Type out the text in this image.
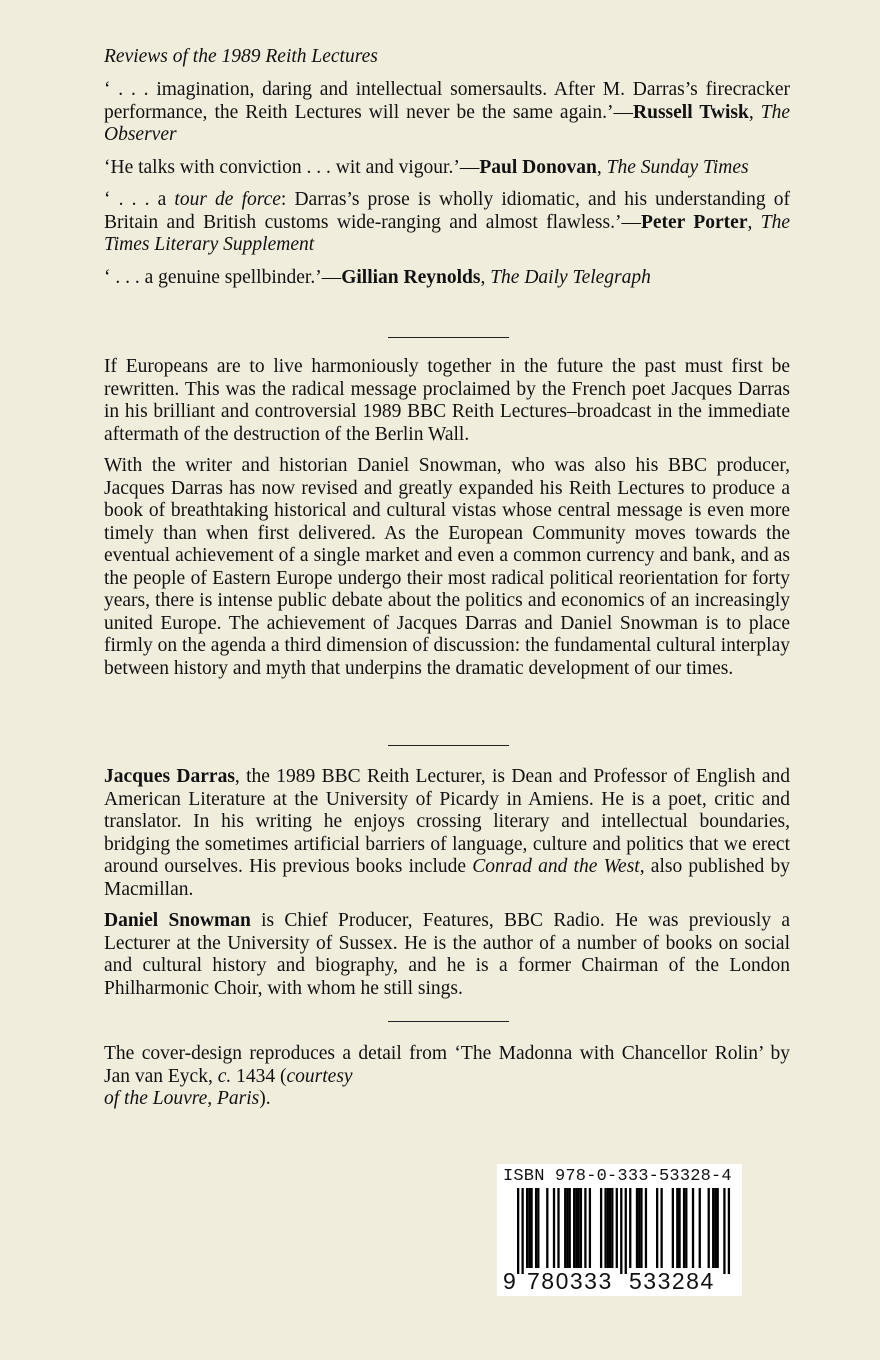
Reviews of the 1989 Reith Lectures

‘ . . . imagination, daring and intellectual somersaults. After M. Darras’s firecracker performance, the Reith Lectures will never be the same again.’—Russell Twisk, The Observer

‘He talks with conviction . . . wit and vigour.’—Paul Donovan, The Sunday Times

‘ . . . a tour de force: Darras’s prose is wholly idiomatic, and his understanding of Britain and British customs wide-ranging and almost flawless.’—Peter Porter, The Times Literary Supplement

‘ . . . a genuine spellbinder.’—Gillian Reynolds, The Daily Telegraph

If Europeans are to live harmoniously together in the future the past must first be rewritten. This was the radical message proclaimed by the French poet Jacques Darras in his brilliant and controversial 1989 BBC Reith Lectures–broadcast in the immediate aftermath of the destruction of the Berlin Wall.

With the writer and historian Daniel Snowman, who was also his BBC producer, Jacques Darras has now revised and greatly expanded his Reith Lectures to produce a book of breathtaking historical and cultural vistas whose central message is even more timely than when first delivered. As the European Community moves towards the eventual achievement of a single market and even a common currency and bank, and as the people of Eastern Europe undergo their most radical political reorientation for forty years, there is intense public debate about the politics and economics of an increasingly united Europe. The achievement of Jacques Darras and Daniel Snowman is to place firmly on the agenda a third dimension of discussion: the fundamental cultural interplay between history and myth that underpins the dramatic development of our times.

Jacques Darras, the 1989 BBC Reith Lecturer, is Dean and Professor of English and American Literature at the University of Picardy in Amiens. He is a poet, critic and translator. In his writing he enjoys crossing literary and intellectual boundaries, bridging the sometimes artificial barriers of language, culture and politics that we erect around ourselves. His previous books include Conrad and the West, also published by Macmillan.

Daniel Snowman is Chief Producer, Features, BBC Radio. He was previously a Lecturer at the University of Sussex. He is the author of a number of books on social and cultural history and biography, and he is a former Chairman of the London Philharmonic Choir, with whom he still sings.

The cover-design reproduces a detail from ‘The Madonna with Chancellor Rolin’ by Jan van Eyck, c. 1434 (courtesy
of the Louvre, Paris).

ISBN 978-0-333-53328-4
9 780333 533284
